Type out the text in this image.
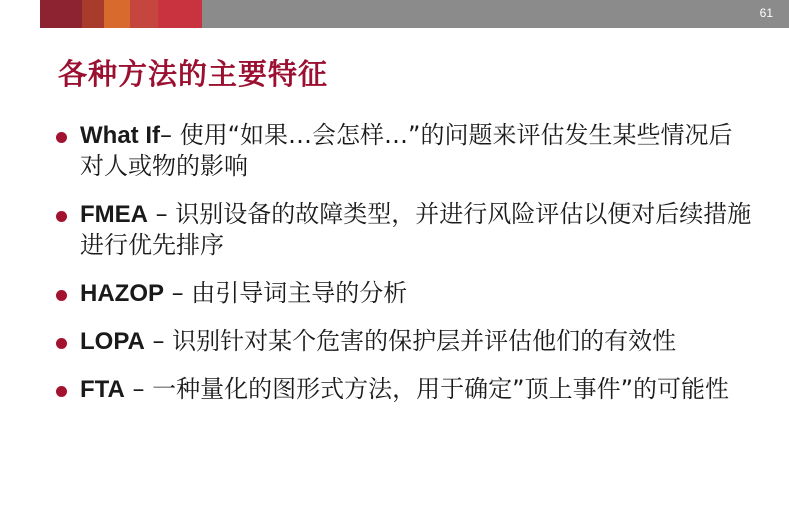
61
各种方法的主要特征
What If– 使用“如果…会怎样…”的问题来评估发生某些情况后对人或物的影响
FMEA – 识别设备的故障类型，并进行风险评估以便对后续措施进行优先排序
HAZOP – 由引导词主导的分析
LOPA – 识别针对某个危害的保护层并评估他们的有效性
FTA – 一种量化的图形式方法，用于确定”顶上事件”的可能性
